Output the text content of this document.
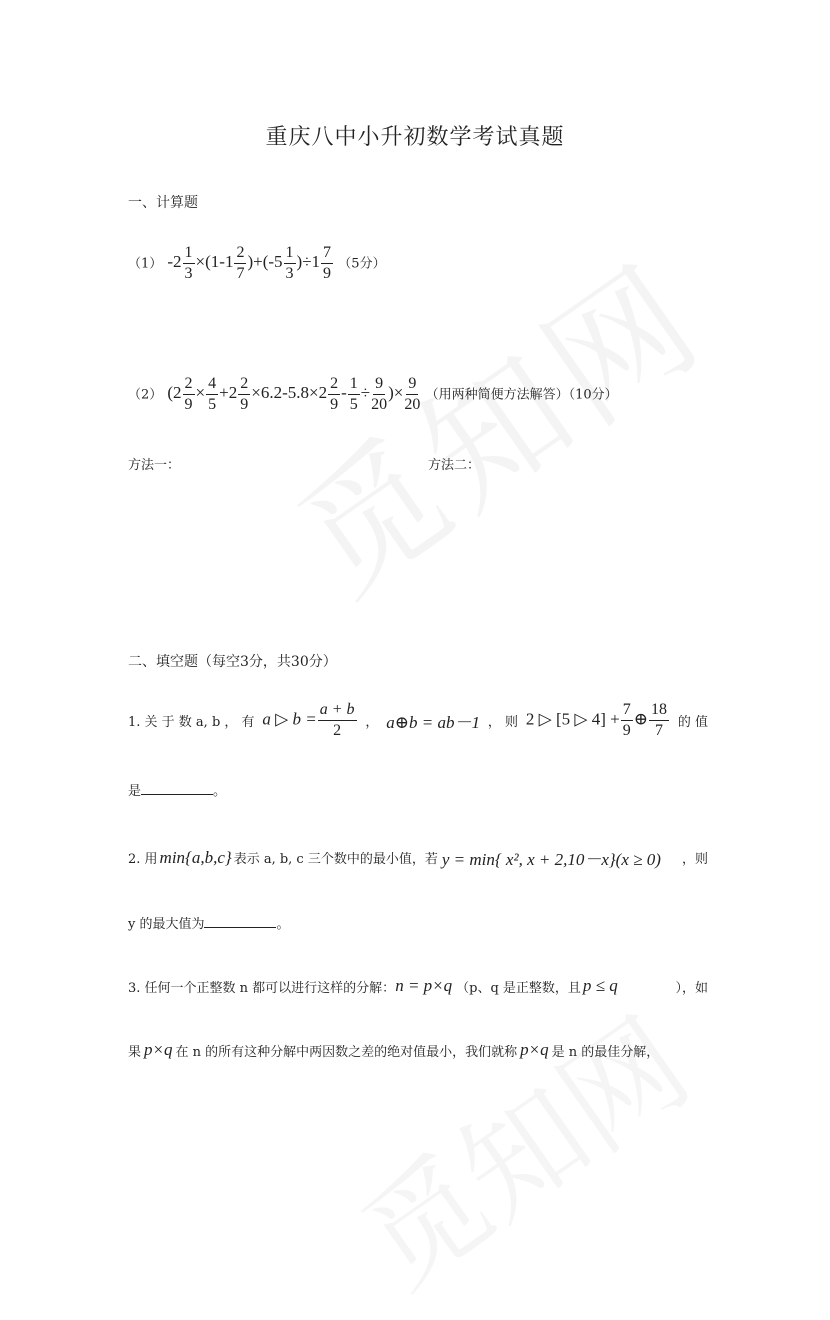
重庆八中小升初数学考试真题
一、计算题
（1） $-2 \frac{1}{3} \times(1-1 \frac{2}{7} )+(-5 \frac{1}{3} )\div 1 \frac{7}{9} (5$分）
（2） ($2 \frac{2}{9} \times \frac{4}{5} +2 \frac{2}{9} \times 6.2-5.8\times 2 \frac{2}{9} - \frac{1}{5} \div \frac{9}{20}$ )× $\frac{9}{20}$ （用两种简便方法解答）（10分）
方法一：	方法二：
二、填空题（每空3分，共30分）
1. 关 于 数 a, b ， 有 a ▷ $b = \frac{a + b}{2}$ ， a⊕b = ab－1 ， 则 2 ▷ [5 ▷ $4] + \frac{7}{9}$ ⊕ $\frac{18}{7}$ 的 值
是	。
2. 用 min{a,b,c} 表示 a, b, c 三个数中的最小值，若 y = min{ x², x + 2,10－x}(x ≥ 0) ，则
y 的最大值为	。
3. 任何一个正整数 n 都可以进行这样的分解： n = p×q （p、q 是正整数，且 p ≤ q	），如
果 p×q 在 n 的所有这种分解中两因数之差的绝对值最小，我们就称 p×q 是 n 的最佳分解，
